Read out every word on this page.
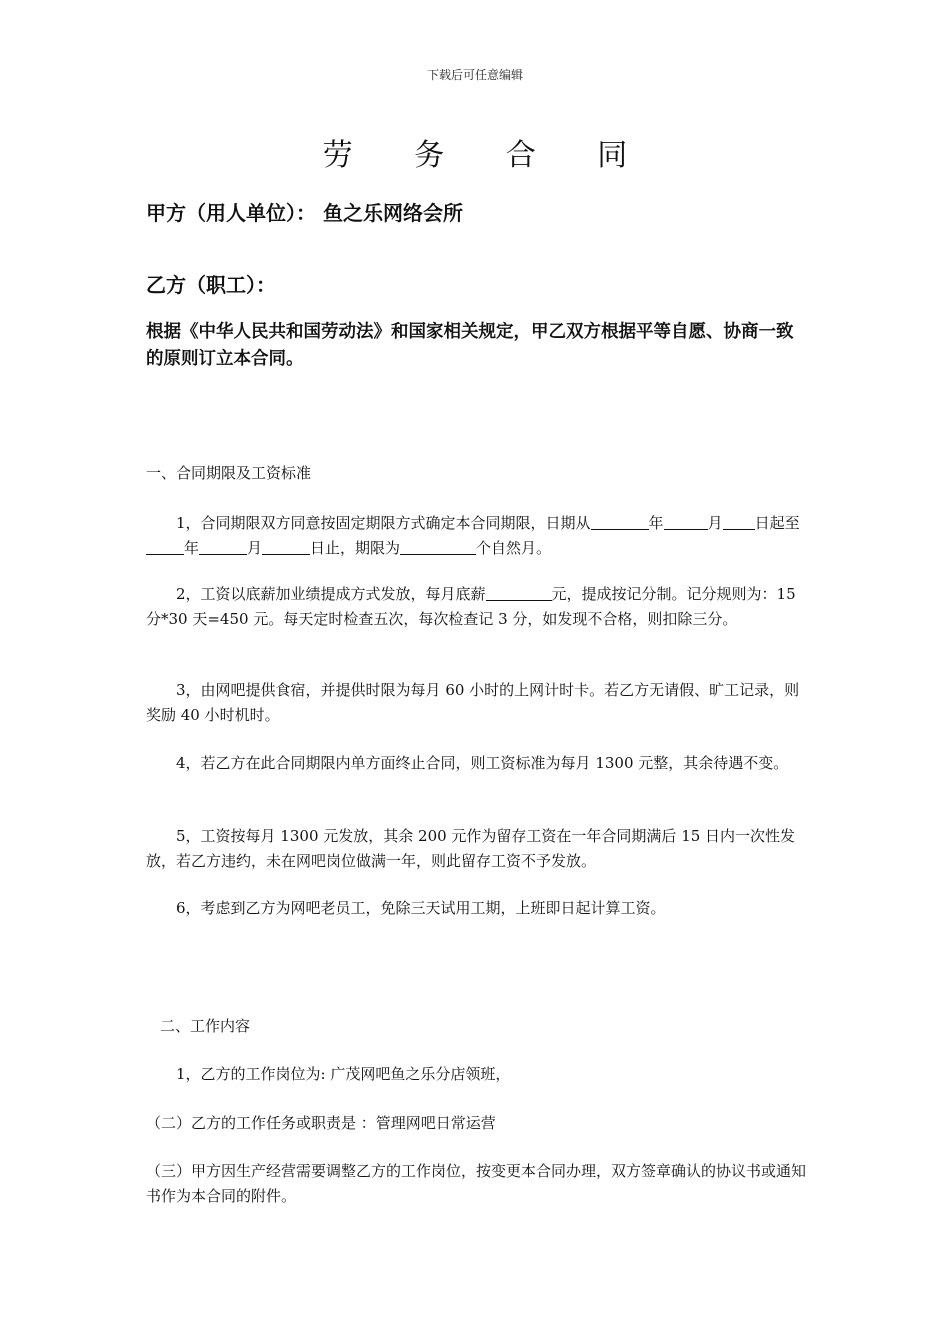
下载后可任意编辑
劳 务 合 同
甲方（用人单位）： 鱼之乐网络会所
乙方（职工）：
根据《中华人民共和国劳动法》和国家相关规定，甲乙双方根据平等自愿、协商一致的原则订立本合同。
一、合同期限及工资标准
1，合同期限双方同意按固定期限方式确定本合同期限，日期从	年	月 日起至年	月	日止，期限为	个自然月。
2，工资以底薪加业绩提成方式发放，每月底薪	元，提成按记分制。记分规则为：15 分*30 天=450 元。每天定时检查五次，每次检查记 3 分，如发现不合格，则扣除三分。
3，由网吧提供食宿，并提供时限为每月 60 小时的上网计时卡。若乙方无请假、旷工记录，则奖励 40 小时机时。
4，若乙方在此合同期限内单方面终止合同，则工资标准为每月 1300 元整，其余待遇不变。
5，工资按每月 1300 元发放，其余 200 元作为留存工资在一年合同期满后 15 日内一次性发放，若乙方违约，未在网吧岗位做满一年，则此留存工资不予发放。
6，考虑到乙方为网吧老员工，免除三天试用工期，上班即日起计算工资。
二、工作内容
1，乙方的工作岗位为: 广茂网吧鱼之乐分店领班，
（二）乙方的工作任务或职责是 ：管理网吧日常运营
（三）甲方因生产经营需要调整乙方的工作岗位，按变更本合同办理，双方签章确认的协议书或通知书作为本合同的附件。
